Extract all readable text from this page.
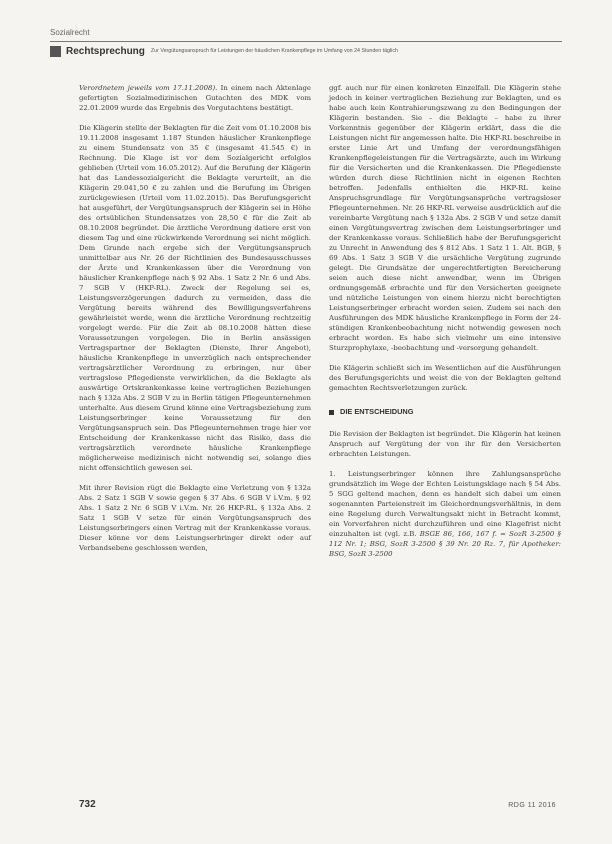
Sozialrecht
Rechtsprechung Zur Vergütungsanspruch für Leistungen der häuslichen Krankenpflege im Umfang von 24 Stunden täglich

Verordnetem jeweils vom 17.11.2008). In einem nach Aktenlage gefertigten Sozialmedizinischen Gutachten des MDK vom 22.01.2009 wurde das Ergebnis des Vorgutachtens bestätigt.

Die Klägerin stellte der Beklagten für die Zeit vom 01.10.2008 bis 19.11.2008 insgesamt 1.187 Stunden häuslicher Krankenpflege zu einem Stundensatz von 35 € (insgesamt 41.545 €) in Rechnung. Die Klage ist vor dem Sozialgericht erfolglos geblieben (Urteil vom 16.05.2012). Auf die Berufung der Klägerin hat das Landessozialgericht die Beklagte verurteilt, an die Klägerin 29.041,50 € zu zahlen und die Berufung im Übrigen zurückgewiesen (Urteil vom 11.02.2015). Das Berufungsgericht hat ausgeführt, der Vergütungsanspruch der Klägerin sei in Höhe des ortsüblichen Stundensatzes von 28,50 € für die Zeit ab 08.10.2008 begründet. Die ärztliche Verordnung datiere erst von diesem Tag und eine rückwirkende Verordnung sei nicht möglich. Dem Grunde nach ergebe sich der Vergütungsanspruch unmittelbar aus Nr. 26 der Richtlinien des Bundesausschusses der Ärzte und Krankenkassen über die Verordnung von häuslicher Krankenpflege nach § 92 Abs. 1 Satz 2 Nr. 6 und Abs. 7 SGB V (HKP-RL). Zweck der Regelung sei es, Leistungsverzögerungen dadurch zu vermeiden, dass die Vergütung bereits während des Bewilligungsverfahrens gewährleistet werde, wenn die ärztliche Verordnung rechtzeitig vorgelegt werde. Für die Zeit ab 08.10.2008 hätten diese Voraussetzungen vorgelegen. Die in Berlin ansässigen Vertragspartner der Beklagten (Dienste, Ihrer Angebot), häusliche Krankenpflege in unverzüglich nach entsprechender vertragsärztlicher Verordnung zu erbringen, nur über vertragslose Pflegedienste verwirklichen, da die Beklagte als auswärtige Ortskrankenkasse keine vertraglichen Beziehungen nach § 132a Abs. 2 SGB V zu in Berlin tätigen Pflegeunternehmen unterhalte. Aus diesem Grund könne eine Vertragsbeziehung zum Leistungserbringer keine Voraussetzung für den Vergütungsanspruch sein. Das Pflegeunternehmen trage hier vor Entscheidung der Krankenkasse nicht das Risiko, dass die vertragsärztlich verordnete häusliche Krankenpflege möglicherweise medizinisch nicht notwendig sei, solange dies nicht offensichtlich gewesen sei.

Mit ihrer Revision rügt die Beklagte eine Verletzung von § 132a Abs. 2 Satz 1 SGB V sowie gegen § 37 Abs. 6 SGB V i.V.m. § 92 Abs. 1 Satz 2 Nr. 6 SGB V i.V.m. Nr. 26 HKP-RL. § 132a Abs. 2 Satz 1 SGB V setze für einen Vergütungsanspruch des Leistungserbringers einen Vertrag mit der Krankenkasse voraus. Dieser könne vor dem Leistungserbringer direkt oder auf Verbandsebene geschlossen werden,

ggf. auch nur für einen konkreten Einzelfall. Die Klägerin stehe jedoch in keiner vertraglichen Beziehung zur Beklagten, und es habe auch kein Kontrahierungszwang zu den Bedingungen der Klägerin bestanden. Sie – die Beklagte – habe zu ihrer Vorkenntnis gegenüber der Klägerin erklärt, dass die die Leistungen nicht für angemessen halte. Die HKP-RL beschreibe in erster Linie Art und Umfang der verordnungsfähigen Krankenpflegeleistungen für die Vertragsärzte, auch im Wirkung für die Versicherten und die Krankenkassen. Die Pflegedienste würden durch diese Richtlinien nicht in eigenen Rechten betroffen. Jedenfalls enthielten die HKP-RL keine Anspruchsgrundlage für Vergütungsansprüche vertragsloser Pflegeunternehmen. Nr. 26 HKP-RL verweise ausdrücklich auf die vereinbarte Vergütung nach § 132a Abs. 2 SGB V und setze damit einen Vergütungsvertrag zwischen dem Leistungserbringer und der Krankenkasse voraus. Schließlich habe der Berufungsgericht zu Unrecht in Anwendung des § 812 Abs. 1 Satz 1 1. Alt. BGB, § 69 Abs. 1 Satz 3 SGB V die ursächliche Vergütung zugrunde gelegt. Die Grundsätze der ungerechtfertigten Bereicherung seien auch diese nicht anwendbar, wenn im Übrigen ordnungsgemäß erbrachte und für den Versicherten geeignete und nützliche Leistungen von einem hierzu nicht berechtigten Leistungserbringer erbracht worden seien. Zudem sei nach den Ausführungen des MDK häusliche Krankenpflege in Form der 24-stündigen Krankenbeobachtung nicht notwendig gewesen noch erbracht worden. Es habe sich vielmehr um eine intensive Sturzprophylaxe, -beobachtung und -versorgung gehandelt.

Die Klägerin schließt sich im Wesentlichen auf die Ausführungen des Berufungsgerichts und weist die von der Beklagten geltend gemachten Rechtsverletzungen zurück.

DIE ENTSCHEIDUNG

Die Revision der Beklagten ist begründet. Die Klägerin hat keinen Anspruch auf Vergütung der von ihr für den Versicherten erbrachten Leistungen.

1. Leistungserbringer können ihre Zahlungsansprüche grundsätzlich im Wege der Echten Leistungsklage nach § 54 Abs. 5 SGG geltend machen, denn es handelt sich dabei um einen sogenannten Parteienstreit im Gleichordnungsverhältnis, in dem eine Regelung durch Verwaltungsakt nicht in Betracht kommt, ein Vorverfahren nicht durchzuführen und eine Klagefrist nicht einzuhalten ist (vgl. z.B. BSGE 86, 166, 167 f. = SozR 3-2500 § 112 Nr. 1; BSG, SozR 3-2500 § 39 Nr. 20 Rz. 7, für Apotheker: BSG, SozR 3-2500

732	RDG 11 2016
